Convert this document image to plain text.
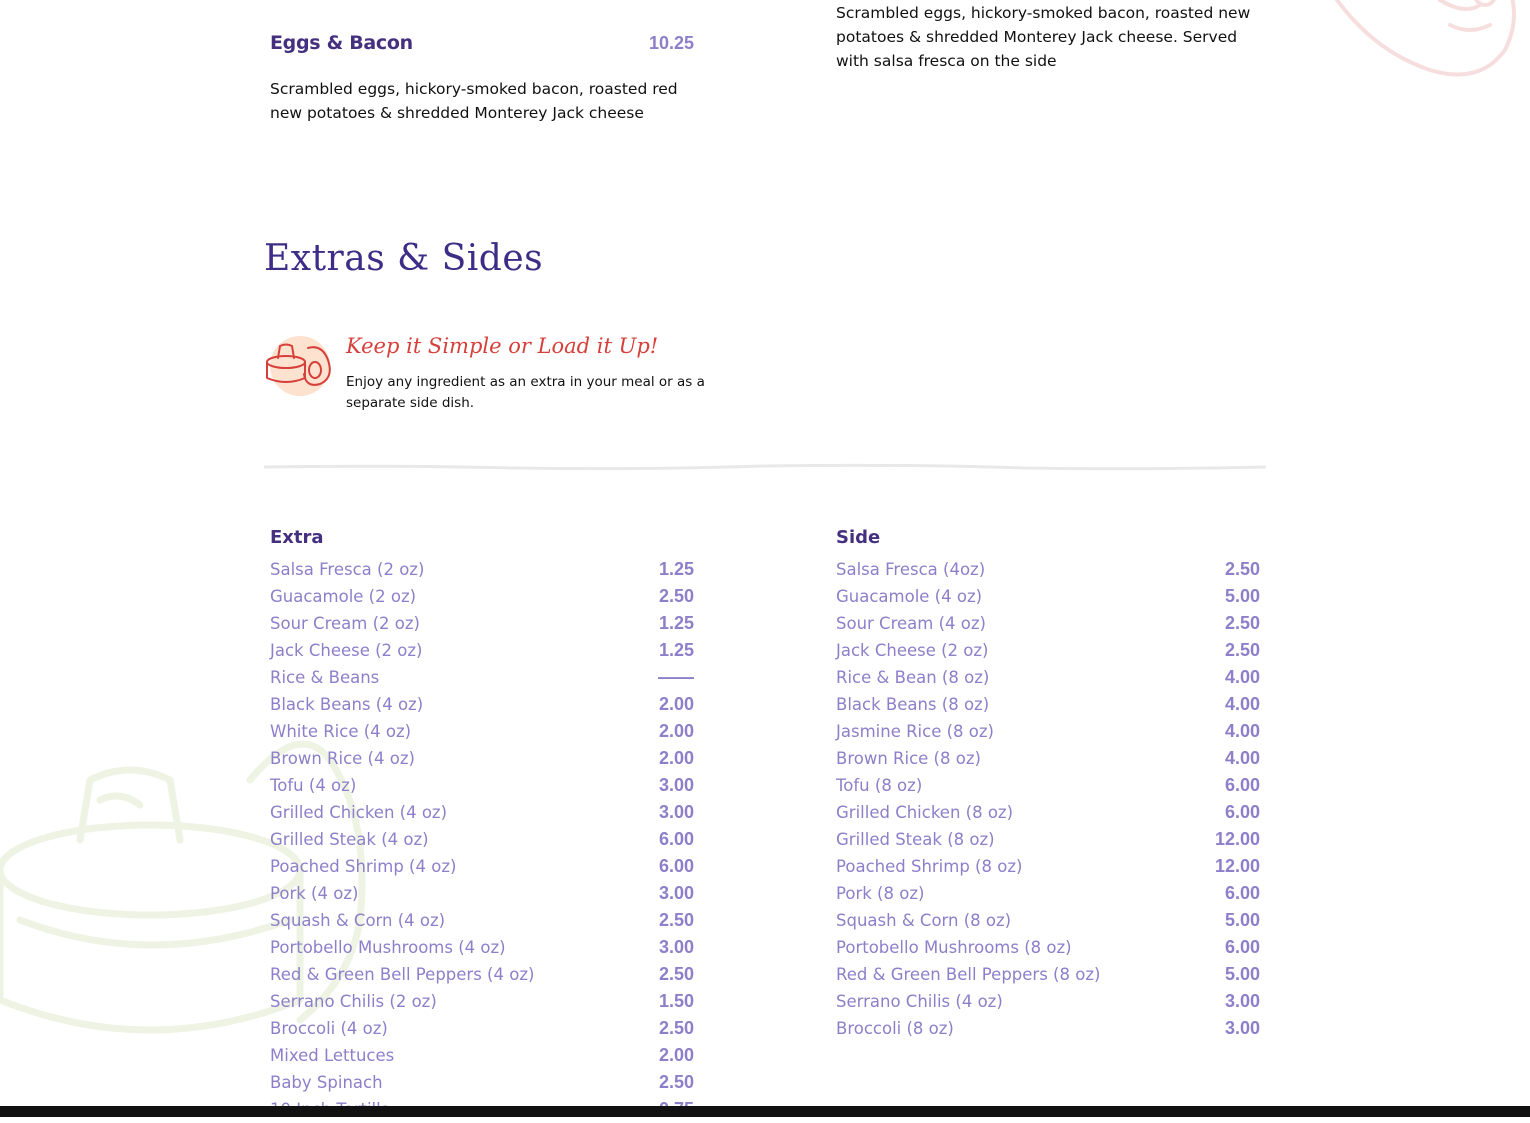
Eggs & Bacon	10.25

Scrambled eggs, hickory-smoked bacon, roasted red new potatoes & shredded Monterey Jack cheese

Scrambled eggs, hickory-smoked bacon, roasted new potatoes & shredded Monterey Jack cheese. Served with salsa fresca on the side

Extras & Sides
Keep it Simple or Load it Up!

Enjoy any ingredient as an extra in your meal or as a separate side dish.

Extra
Salsa Fresca (2 oz)	1.25
Guacamole (2 oz)	2.50
Sour Cream (2 oz)	1.25
Jack Cheese (2 oz)	1.25
Rice & Beans	——
Black Beans (4 oz)	2.00
White Rice (4 oz)	2.00
Brown Rice (4 oz)	2.00
Tofu (4 oz)	3.00
Grilled Chicken (4 oz)	3.00
Grilled Steak (4 oz)	6.00
Poached Shrimp (4 oz)	6.00
Pork (4 oz)	3.00
Squash & Corn (4 oz)	2.50
Portobello Mushrooms (4 oz)	3.00
Red & Green Bell Peppers (4 oz)	2.50
Serrano Chilis (2 oz)	1.50
Broccoli (4 oz)	2.50
Mixed Lettuces	2.00
Baby Spinach	2.50
Side
Salsa Fresca (4oz)	2.50
Guacamole (4 oz)	5.00
Sour Cream (4 oz)	2.50
Jack Cheese (2 oz)	2.50
Rice & Bean (8 oz)	4.00
Black Beans (8 oz)	4.00
Jasmine Rice (8 oz)	4.00
Brown Rice (8 oz)	4.00
Tofu (8 oz)	6.00
Grilled Chicken (8 oz)	6.00
Grilled Steak (8 oz)	12.00
Poached Shrimp (8 oz)	12.00
Pork (8 oz)	6.00
Squash & Corn (8 oz)	5.00
Portobello Mushrooms (8 oz)	6.00
Red & Green Bell Peppers (8 oz)	5.00
Serrano Chilis (4 oz)	3.00
Broccoli (8 oz)	3.00
